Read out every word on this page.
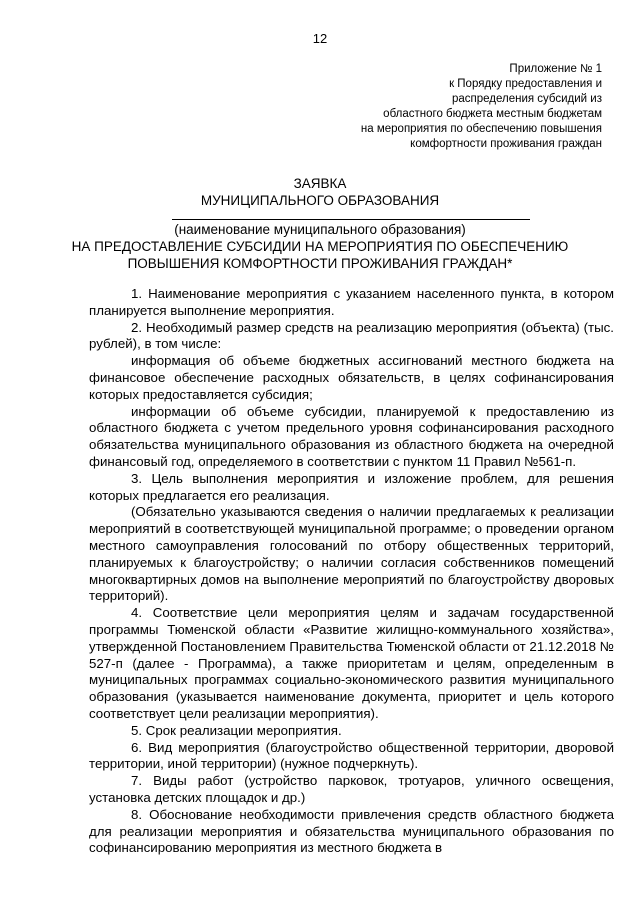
12
Приложение № 1
к Порядку предоставления и
распределения субсидий из
областного бюджета местным бюджетам
на мероприятия по обеспечению повышения
комфортности проживания граждан
ЗАЯВКА
МУНИЦИПАЛЬНОГО ОБРАЗОВАНИЯ
(наименование муниципального образования)
НА ПРЕДОСТАВЛЕНИЕ СУБСИДИИ НА МЕРОПРИЯТИЯ ПО ОБЕСПЕЧЕНИЮ
ПОВЫШЕНИЯ КОМФОРТНОСТИ ПРОЖИВАНИЯ ГРАЖДАН*

1. Наименование мероприятия с указанием населенного пункта, в котором планируется выполнение мероприятия.

2. Необходимый размер средств на реализацию мероприятия (объекта) (тыс. рублей), в том числе:

информация об объеме бюджетных ассигнований местного бюджета на финансовое обеспечение расходных обязательств, в целях софинансирования которых предоставляется субсидия;

информации об объеме субсидии, планируемой к предоставлению из областного бюджета с учетом предельного уровня софинансирования расходного обязательства муниципального образования из областного бюджета на очередной финансовый год, определяемого в соответствии с пунктом 11 Правил №561-п.

3. Цель выполнения мероприятия и изложение проблем, для решения которых предлагается его реализация.

(Обязательно указываются сведения о наличии предлагаемых к реализации мероприятий в соответствующей муниципальной программе; о проведении органом местного самоуправления голосований по отбору общественных территорий, планируемых к благоустройству; о наличии согласия собственников помещений многоквартирных домов на выполнение мероприятий по благоустройству дворовых территорий).

4. Соответствие цели мероприятия целям и задачам государственной программы Тюменской области «Развитие жилищно-коммунального хозяйства», утвержденной Постановлением Правительства Тюменской области от 21.12.2018 № 527-п (далее - Программа), а также приоритетам и целям, определенным в муниципальных программах социально-экономического развития муниципального образования (указывается наименование документа, приоритет и цель которого соответствует цели реализации мероприятия).

5. Срок реализации мероприятия.

6. Вид мероприятия (благоустройство общественной территории, дворовой территории, иной территории) (нужное подчеркнуть).

7. Виды работ (устройство парковок, тротуаров, уличного освещения, установка детских площадок и др.)

8. Обоснование необходимости привлечения средств областного бюджета для реализации мероприятия и обязательства муниципального образования по софинансированию мероприятия из местного бюджета в
